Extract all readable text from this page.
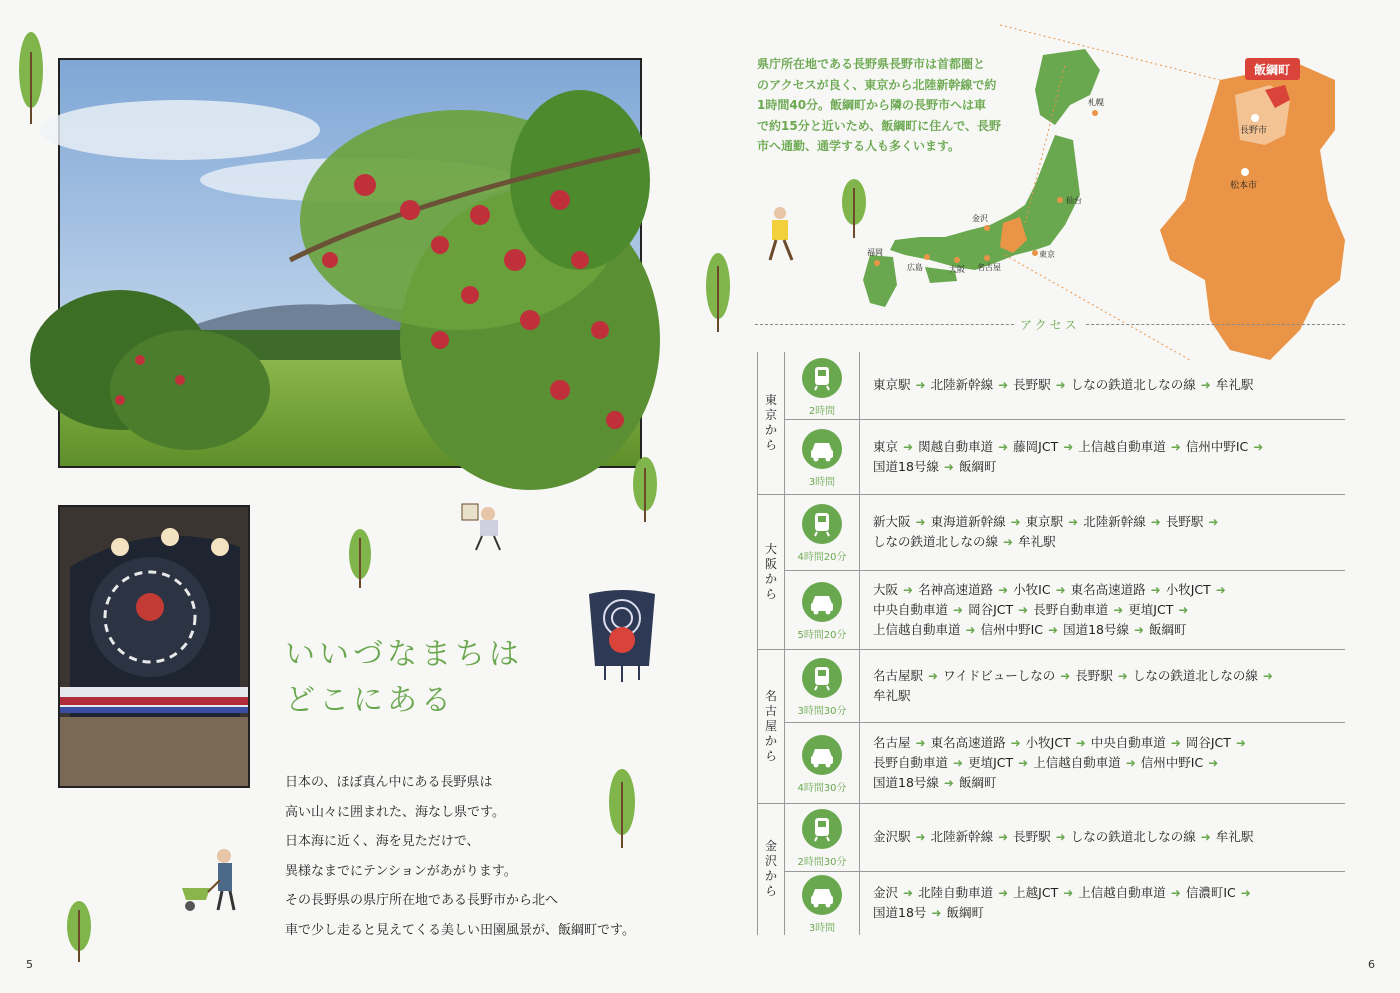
いいづなまちは
どこにある

日本の、ほぼ真ん中にある長野県は

高い山々に囲まれた、海なし県です。

日本海に近く、海を見ただけで、

異様なまでにテンションがあがります。

その長野県の県庁所在地である長野市から北へ

車で少し走ると見えてくる美しい田園風景が、飯綱町です。

5
県庁所在地である長野県長野市は首都圏と
のアクセスが良く、東京から北陸新幹線で約
1時間40分。飯綱町から隣の長野市へは車
で約15分と近いため、飯綱町に住んで、長野
市へ通勤、通学する人も多くいます。
札幌
仙台
金沢
東京
名古屋
大阪
広島
福岡
長野市
松本市
飯綱町
アクセス
東
京
か
ら
2時間
東京駅 ➜ 北陸新幹線 ➜ 長野駅 ➜ しなの鉄道北しなの線 ➜ 牟礼駅
3時間
東京 ➜ 関越自動車道 ➜ 藤岡JCT ➜ 上信越自動車道 ➜ 信州中野IC ➜
国道18号線 ➜ 飯綱町
大
阪
か
ら
4時間20分
新大阪 ➜ 東海道新幹線 ➜ 東京駅 ➜ 北陸新幹線 ➜ 長野駅 ➜
しなの鉄道北しなの線 ➜ 牟礼駅
5時間20分
大阪 ➜ 名神高速道路 ➜ 小牧IC ➜ 東名高速道路 ➜ 小牧JCT ➜
中央自動車道 ➜ 岡谷JCT ➜ 長野自動車道 ➜ 更埴JCT ➜
上信越自動車道 ➜ 信州中野IC ➜ 国道18号線 ➜ 飯綱町
名
古
屋
か
ら
3時間30分
名古屋駅 ➜ ワイドビューしなの ➜ 長野駅 ➜ しなの鉄道北しなの線 ➜
牟礼駅
4時間30分
名古屋 ➜ 東名高速道路 ➜ 小牧JCT ➜ 中央自動車道 ➜ 岡谷JCT ➜
長野自動車道 ➜ 更埴JCT ➜ 上信越自動車道 ➜ 信州中野IC ➜
国道18号線 ➜ 飯綱町
金
沢
か
ら
2時間30分
金沢駅 ➜ 北陸新幹線 ➜ 長野駅 ➜ しなの鉄道北しなの線 ➜ 牟礼駅
3時間
金沢 ➜ 北陸自動車道 ➜ 上越JCT ➜ 上信越自動車道 ➜ 信濃町IC ➜
国道18号 ➜ 飯綱町
6
